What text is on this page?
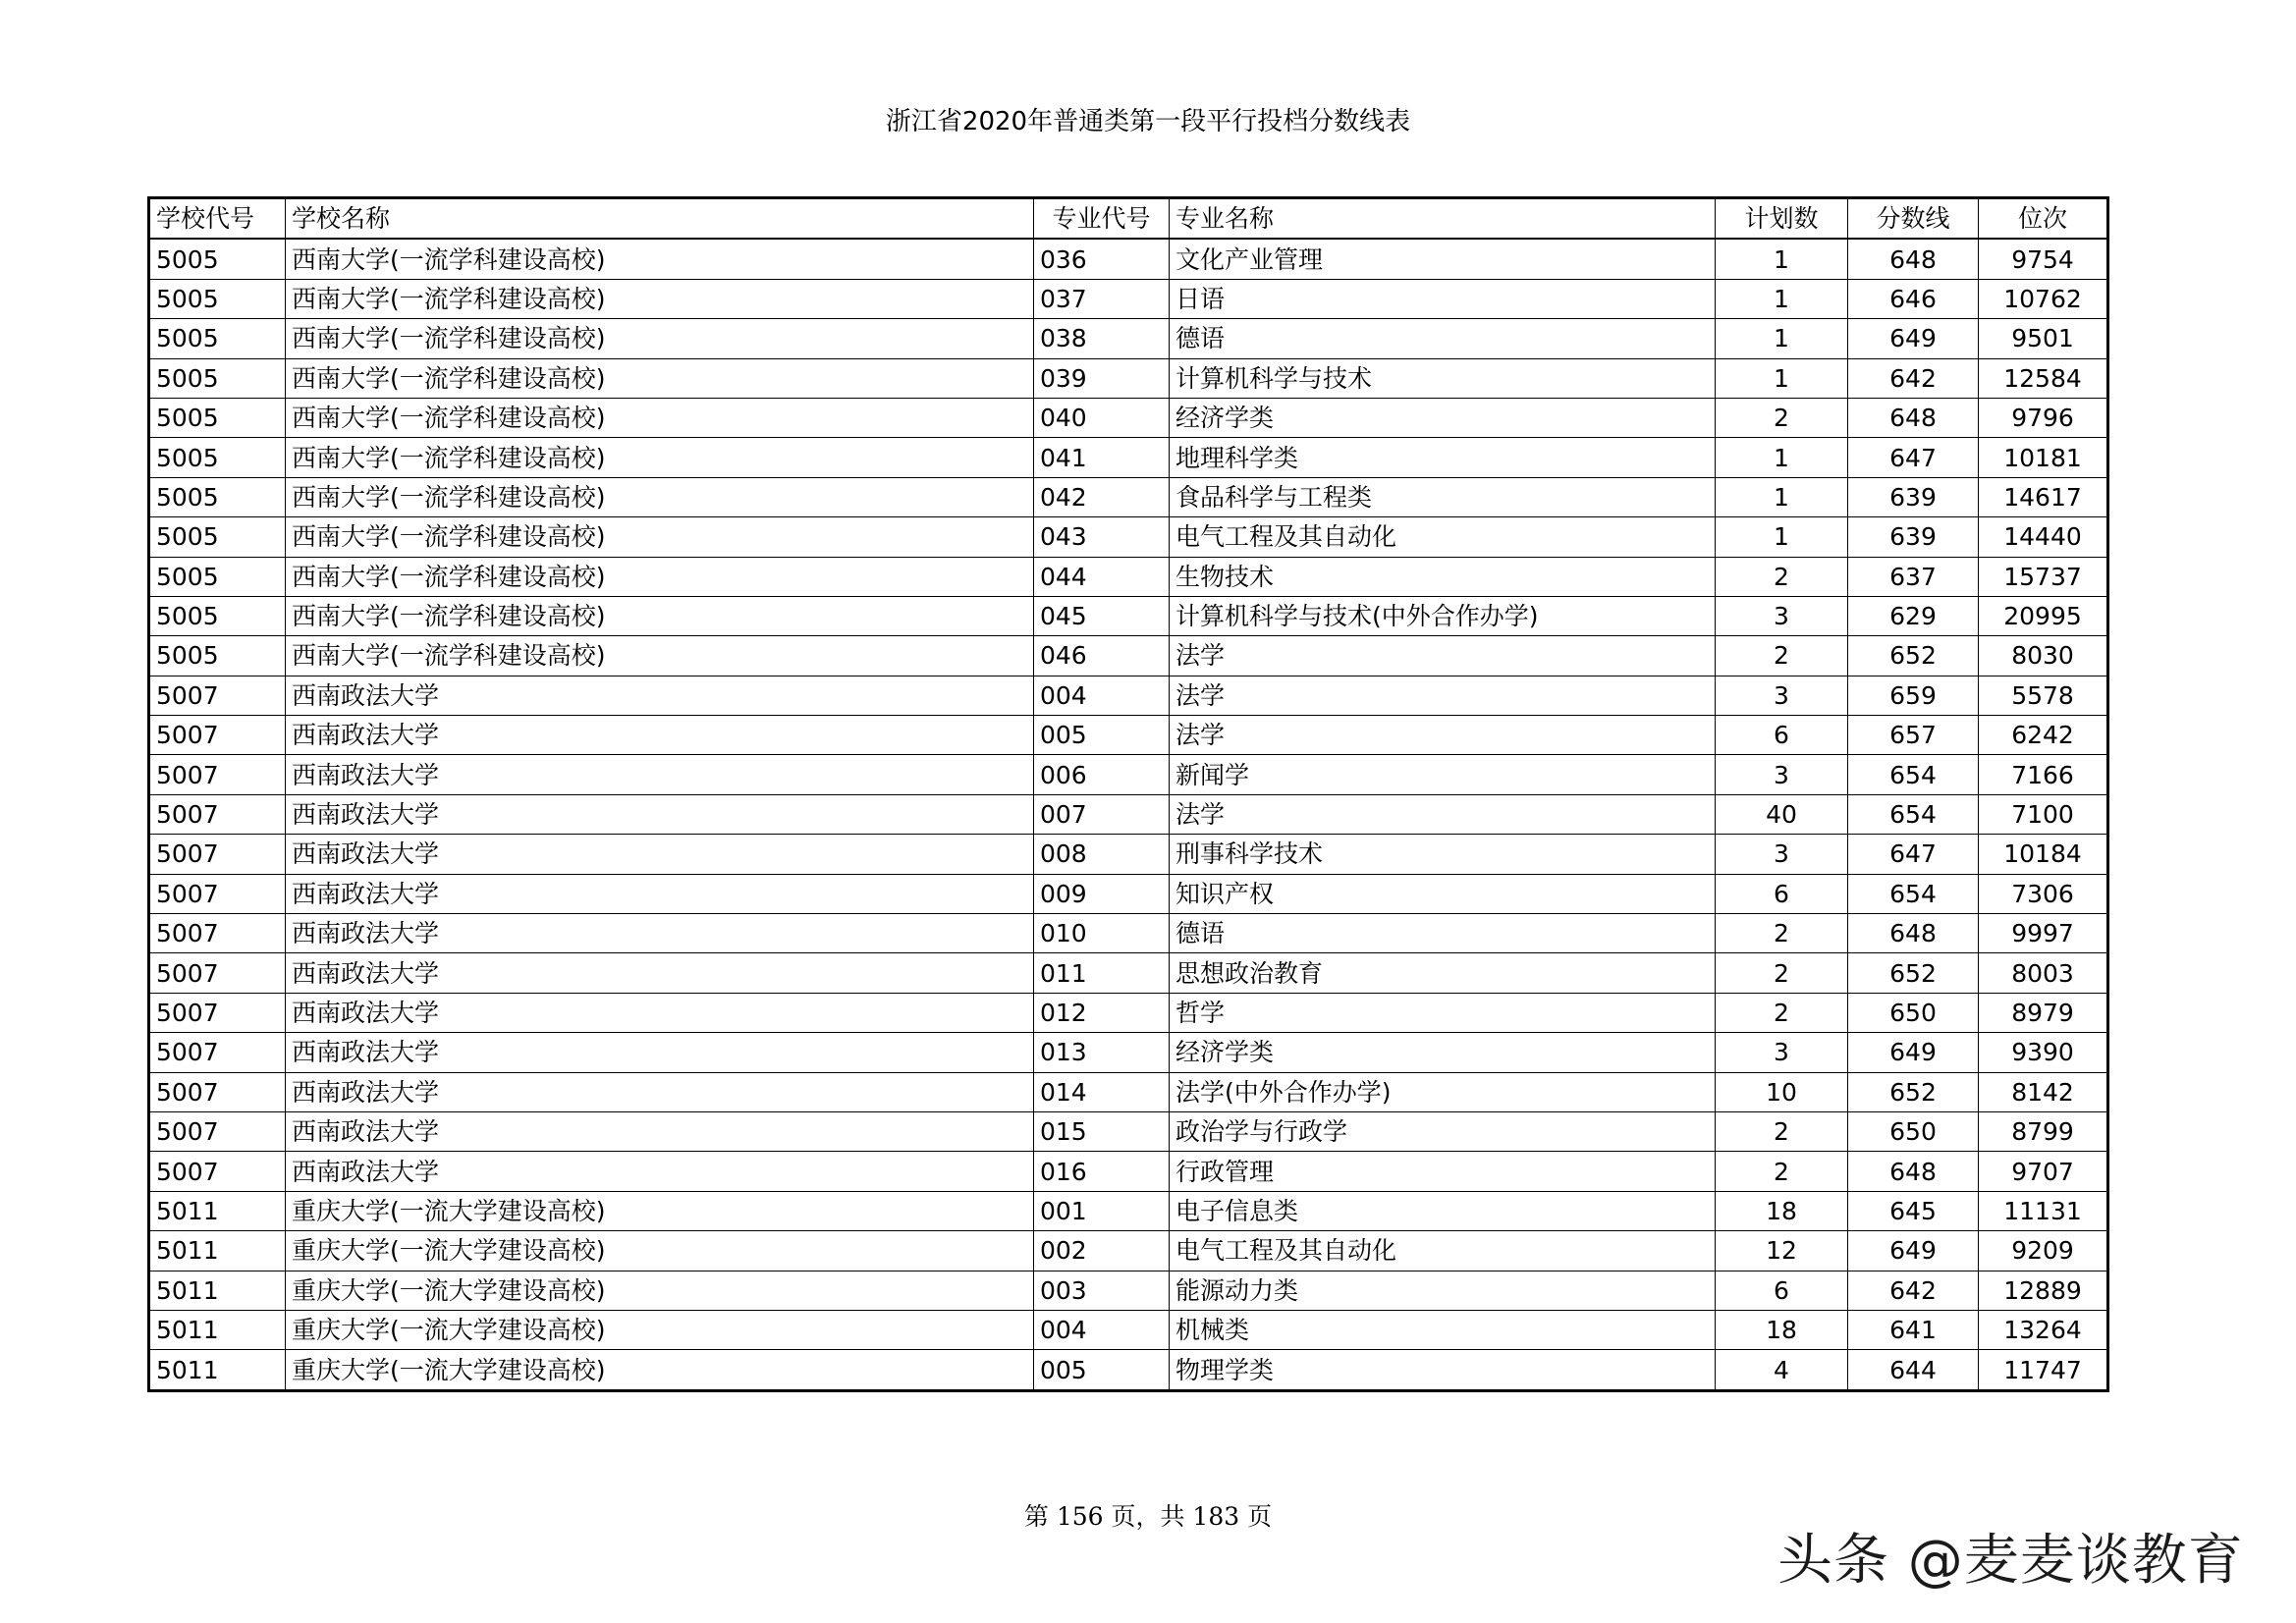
浙江省2020年普通类第一段平行投档分数线表
学校代号	学校名称	专业代号	专业名称	计划数	分数线	位次
5005	西南大学(一流学科建设高校)	036	文化产业管理	1	648	9754
5005	西南大学(一流学科建设高校)	037	日语	1	646	10762
5005	西南大学(一流学科建设高校)	038	德语	1	649	9501
5005	西南大学(一流学科建设高校)	039	计算机科学与技术	1	642	12584
5005	西南大学(一流学科建设高校)	040	经济学类	2	648	9796
5005	西南大学(一流学科建设高校)	041	地理科学类	1	647	10181
5005	西南大学(一流学科建设高校)	042	食品科学与工程类	1	639	14617
5005	西南大学(一流学科建设高校)	043	电气工程及其自动化	1	639	14440
5005	西南大学(一流学科建设高校)	044	生物技术	2	637	15737
5005	西南大学(一流学科建设高校)	045	计算机科学与技术(中外合作办学)	3	629	20995
5005	西南大学(一流学科建设高校)	046	法学	2	652	8030
5007	西南政法大学	004	法学	3	659	5578
5007	西南政法大学	005	法学	6	657	6242
5007	西南政法大学	006	新闻学	3	654	7166
5007	西南政法大学	007	法学	40	654	7100
5007	西南政法大学	008	刑事科学技术	3	647	10184
5007	西南政法大学	009	知识产权	6	654	7306
5007	西南政法大学	010	德语	2	648	9997
5007	西南政法大学	011	思想政治教育	2	652	8003
5007	西南政法大学	012	哲学	2	650	8979
5007	西南政法大学	013	经济学类	3	649	9390
5007	西南政法大学	014	法学(中外合作办学)	10	652	8142
5007	西南政法大学	015	政治学与行政学	2	650	8799
5007	西南政法大学	016	行政管理	2	648	9707
5011	重庆大学(一流大学建设高校)	001	电子信息类	18	645	11131
5011	重庆大学(一流大学建设高校)	002	电气工程及其自动化	12	649	9209
5011	重庆大学(一流大学建设高校)	003	能源动力类	6	642	12889
5011	重庆大学(一流大学建设高校)	004	机械类	18	641	13264
5011	重庆大学(一流大学建设高校)	005	物理学类	4	644	11747
第 156 页，共 183 页
头条 @麦麦谈教育
